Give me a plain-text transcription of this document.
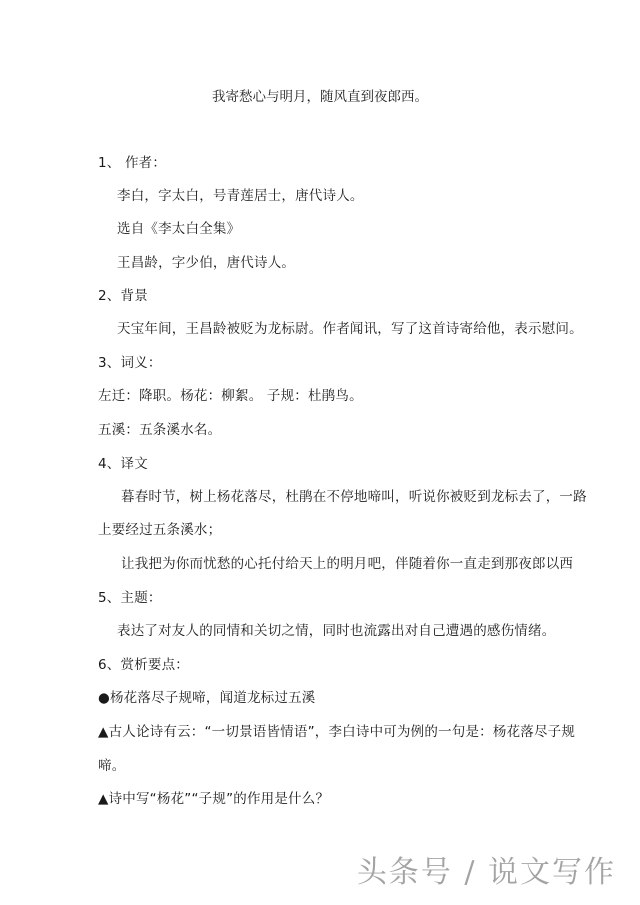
我寄愁心与明月，随风直到夜郎西。
1、 作者：
李白，字太白，号青莲居士，唐代诗人。
选自《李太白全集》
王昌龄，字少伯，唐代诗人。
2、背景
天宝年间，王昌龄被贬为龙标尉。作者闻讯，写了这首诗寄给他，表示慰问。
3、词义：
左迁：降职。杨花：柳絮。 子规：杜鹃鸟。
五溪：五条溪水名。
4、译文
暮春时节，树上杨花落尽，杜鹃在不停地啼叫，听说你被贬到龙标去了，一路
上要经过五条溪水；
让我把为你而忧愁的心托付给天上的明月吧，伴随着你一直走到那夜郎以西
5、主题：
表达了对友人的同情和关切之情，同时也流露出对自己遭遇的感伤情绪。
6、赏析要点：
●杨花落尽子规啼，闻道龙标过五溪
▲古人论诗有云：“一切景语皆情语”，李白诗中可为例的一句是：杨花落尽子规
啼。
▲诗中写“杨花”“子规”的作用是什么？
头条号 / 说文写作
